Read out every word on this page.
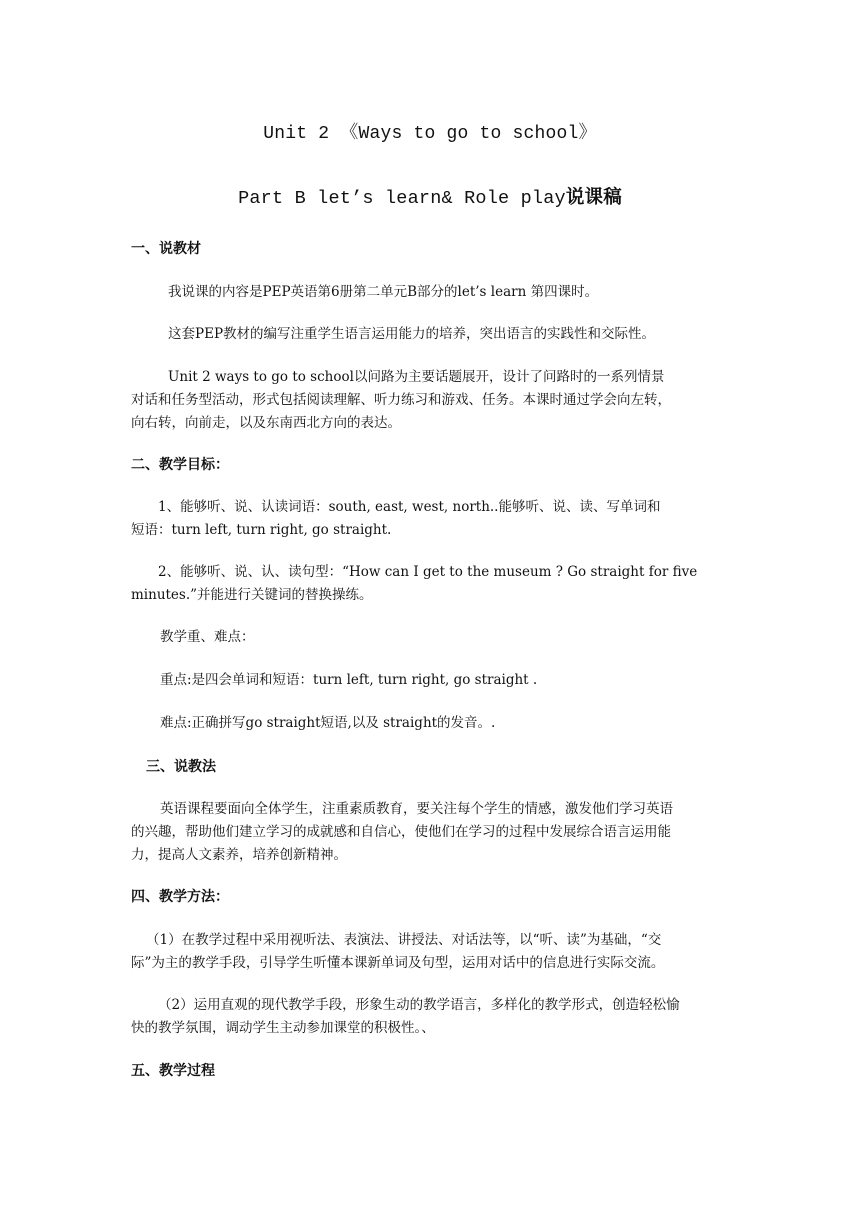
Unit 2 《Ways to go to school》
Part B let’s learn& Role play说课稿
一、说教材
我说课的内容是PEP英语第6册第二单元B部分的let’s learn 第四课时。
这套PEP教材的编写注重学生语言运用能力的培养，突出语言的实践性和交际性。
Unit 2 ways to go to school以问路为主要话题展开，设计了问路时的一系列情景
对话和任务型活动，形式包括阅读理解、听力练习和游戏、任务。本课时通过学会向左转，
向右转，向前走，以及东南西北方向的表达。
二、教学目标：
1、能够听、说、认读词语：south, east, west, north..能够听、说、读、写单词和
短语：turn left, turn right, go straight.
2、能够听、说、认、读句型：“How can I get to the museum ? Go straight for five
minutes.”并能进行关键词的替换操练。
教学重、难点：
重点:是四会单词和短语：turn left, turn right, go straight .
难点:正确拼写go straight短语,以及 straight的发音。.
三、说教法
英语课程要面向全体学生，注重素质教育，要关注每个学生的情感，激发他们学习英语
的兴趣，帮助他们建立学习的成就感和自信心，使他们在学习的过程中发展综合语言运用能
力，提高人文素养，培养创新精神。
四、教学方法：
（1）在教学过程中采用视听法、表演法、讲授法、对话法等，以“听、读”为基础，“交
际”为主的教学手段，引导学生听懂本课新单词及句型，运用对话中的信息进行实际交流。
（2）运用直观的现代教学手段，形象生动的教学语言，多样化的教学形式，创造轻松愉
快的教学氛围，调动学生主动参加课堂的积极性。、
五、教学过程
